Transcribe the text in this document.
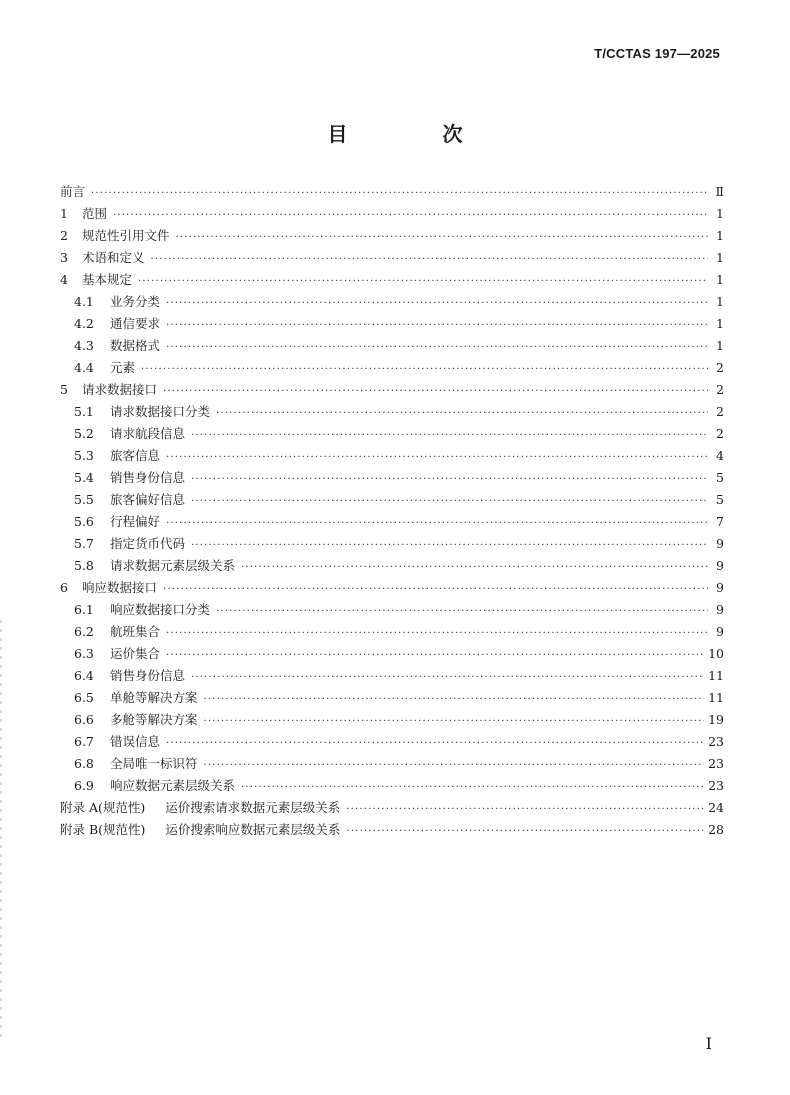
T/CCTAS 197—2025
目 次
前言 ·····	Ⅱ
1	范围 ·····	1
2	规范性引用文件 ·····	1
3	术语和定义 ·····	1
4	基本规定 ·····	1
4.1	业务分类 ·····	1
4.2	通信要求 ·····	1
4.3	数据格式 ·····	1
4.4	元素 ·····	2
5	请求数据接口 ·····	2
5.1	请求数据接口分类 ·····	2
5.2	请求航段信息 ·····	2
5.3	旅客信息 ·····	4
5.4	销售身份信息 ·····	5
5.5	旅客偏好信息 ·····	5
5.6	行程偏好 ·····	7
5.7	指定货币代码 ·····	9
5.8	请求数据元素层级关系 ·····	9
6	响应数据接口 ·····	9
6.1	响应数据接口分类 ·····	9
6.2	航班集合 ·····	9
6.3	运价集合 ·····	10
6.4	销售身份信息 ·····	11
6.5	单舱等解决方案 ·····	11
6.6	多舱等解决方案 ·····	19
6.7	错误信息 ·····	23
6.8	全局唯一标识符 ·····	23
6.9	响应数据元素层级关系 ·····	23
附录 A(规范性) 运价搜索请求数据元素层级关系 ·····	24
附录 B(规范性) 运价搜索响应数据元素层级关系 ·····	28
I
